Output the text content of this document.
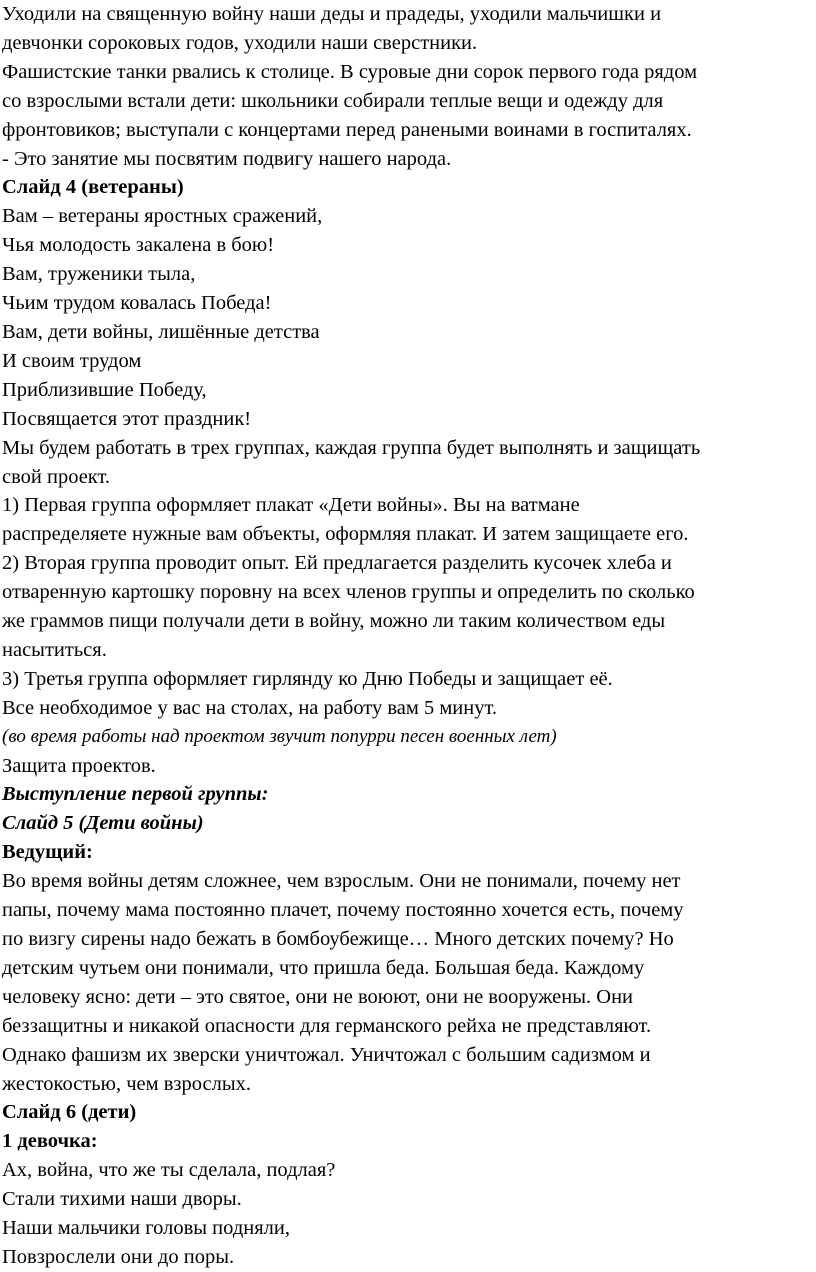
Уходили на священную войну наши деды и прадеды, уходили мальчишки и

девчонки сороковых годов, уходили наши сверстники.

Фашистские танки рвались к столице. В суровые дни сорок первого года рядом

со взрослыми встали дети: школьники собирали теплые вещи и одежду для

фронтовиков; выступали с концертами перед ранеными воинами в госпиталях.

- Это занятие мы посвятим подвигу нашего народа.

Слайд 4 (ветераны)

Вам – ветераны яростных сражений,

Чья молодость закалена в бою!

Вам, труженики тыла,

Чьим трудом ковалась Победа!

Вам, дети войны, лишённые детства

И своим трудом

Приблизившие Победу,

Посвящается этот праздник!

Мы будем работать в трех группах, каждая группа будет выполнять и защищать

свой проект.

1) Первая группа оформляет плакат «Дети войны». Вы на ватмане

распределяете нужные вам объекты, оформляя плакат. И затем защищаете его.

2) Вторая группа проводит опыт. Ей предлагается разделить кусочек хлеба и

отваренную картошку поровну на всех членов группы и определить по сколько

же граммов пищи получали дети в войну, можно ли таким количеством еды

насытиться.

3) Третья группа оформляет гирлянду ко Дню Победы и защищает её.

Все необходимое у вас на столах, на работу вам 5 минут.

(во время работы над проектом звучит попурри песен военных лет)

Защита проектов.

Выступление первой группы:

Слайд 5 (Дети войны)

Ведущий:

Во время войны детям сложнее, чем взрослым. Они не понимали, почему нет

папы, почему мама постоянно плачет, почему постоянно хочется есть, почему

по визгу сирены надо бежать в бомбоубежище… Много детских почему? Но

детским чутьем они понимали, что пришла беда. Большая беда. Каждому

человеку ясно: дети – это святое, они не воюют, они не вооружены. Они

беззащитны и никакой опасности для германского рейха не представляют.

Однако фашизм их зверски уничтожал. Уничтожал с большим садизмом и

жестокостью, чем взрослых.

Слайд 6 (дети)

1 девочка:

Ах, война, что же ты сделала, подлая?

Стали тихими наши дворы.

Наши мальчики головы подняли,

Повзрослели они до поры.
